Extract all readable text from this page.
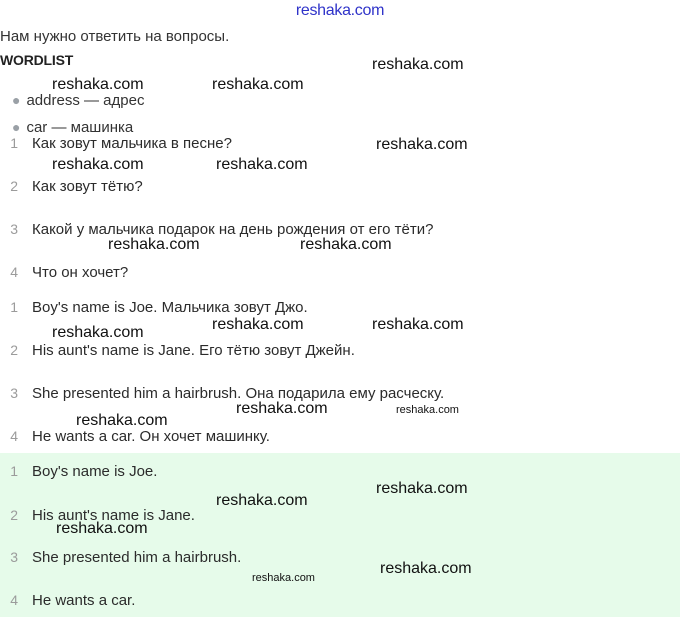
reshaka.com
Нам нужно ответить на вопросы.
WORDLIST
● address — адрес
● car — машинка
1 Как зовут мальчика в песне?
2 Как зовут тётю?
3 Какой у мальчика подарок на день рождения от его тёти?
4 Что он хочет?
1 Boy's name is Joe. Мальчика зовут Джо.
2 His aunt's name is Jane. Его тётю зовут Джейн.
3 She presented him a hairbrush. Она подарила ему расческу.
4 He wants a car. Он хочет машинку.
1 Boy's name is Joe.
2 His aunt's name is Jane.
3 She presented him a hairbrush.
4 He wants a car.
reshaka.com
reshaka.com	reshaka.com
reshaka.com
reshaka.com	reshaka.com
reshaka.com	reshaka.com
reshaka.com	reshaka.com
reshaka.com
reshaka.com	reshaka.com
reshaka.com
reshaka.com
reshaka.com
reshaka.com
reshaka.com
reshaka.com
